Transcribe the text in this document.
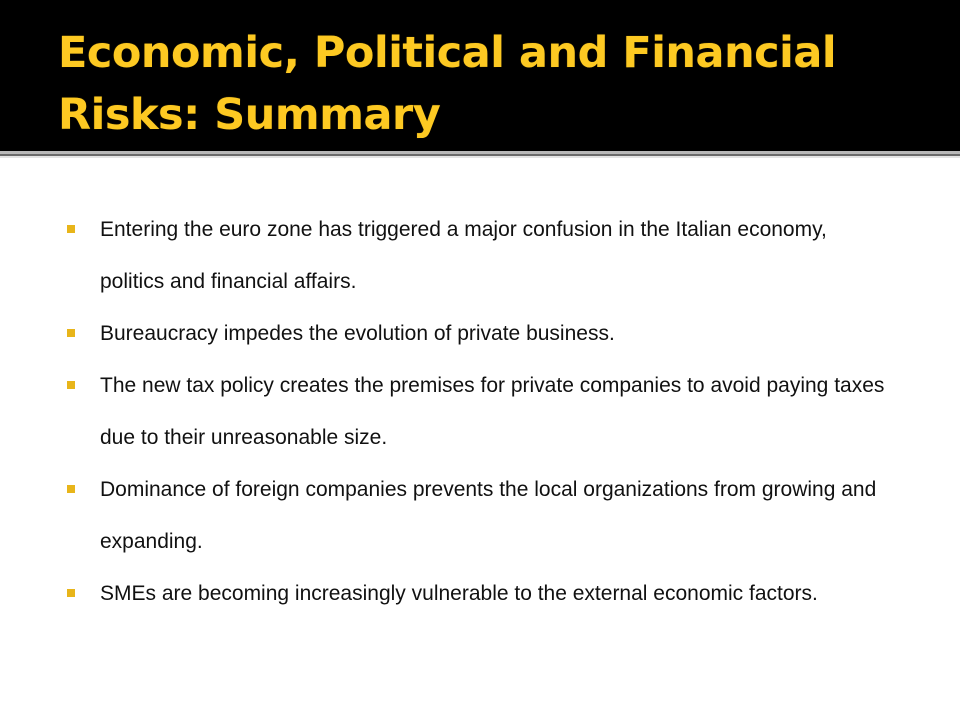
Economic, Political and Financial Risks: Summary
Entering the euro zone has triggered a major confusion in the Italian economy, politics and financial affairs.
Bureaucracy impedes the evolution of private business.
The new tax policy creates the premises for private companies to avoid paying taxes due to their unreasonable size.
Dominance of foreign companies prevents the local organizations from growing and expanding.
SMEs are becoming increasingly vulnerable to the external economic factors.
